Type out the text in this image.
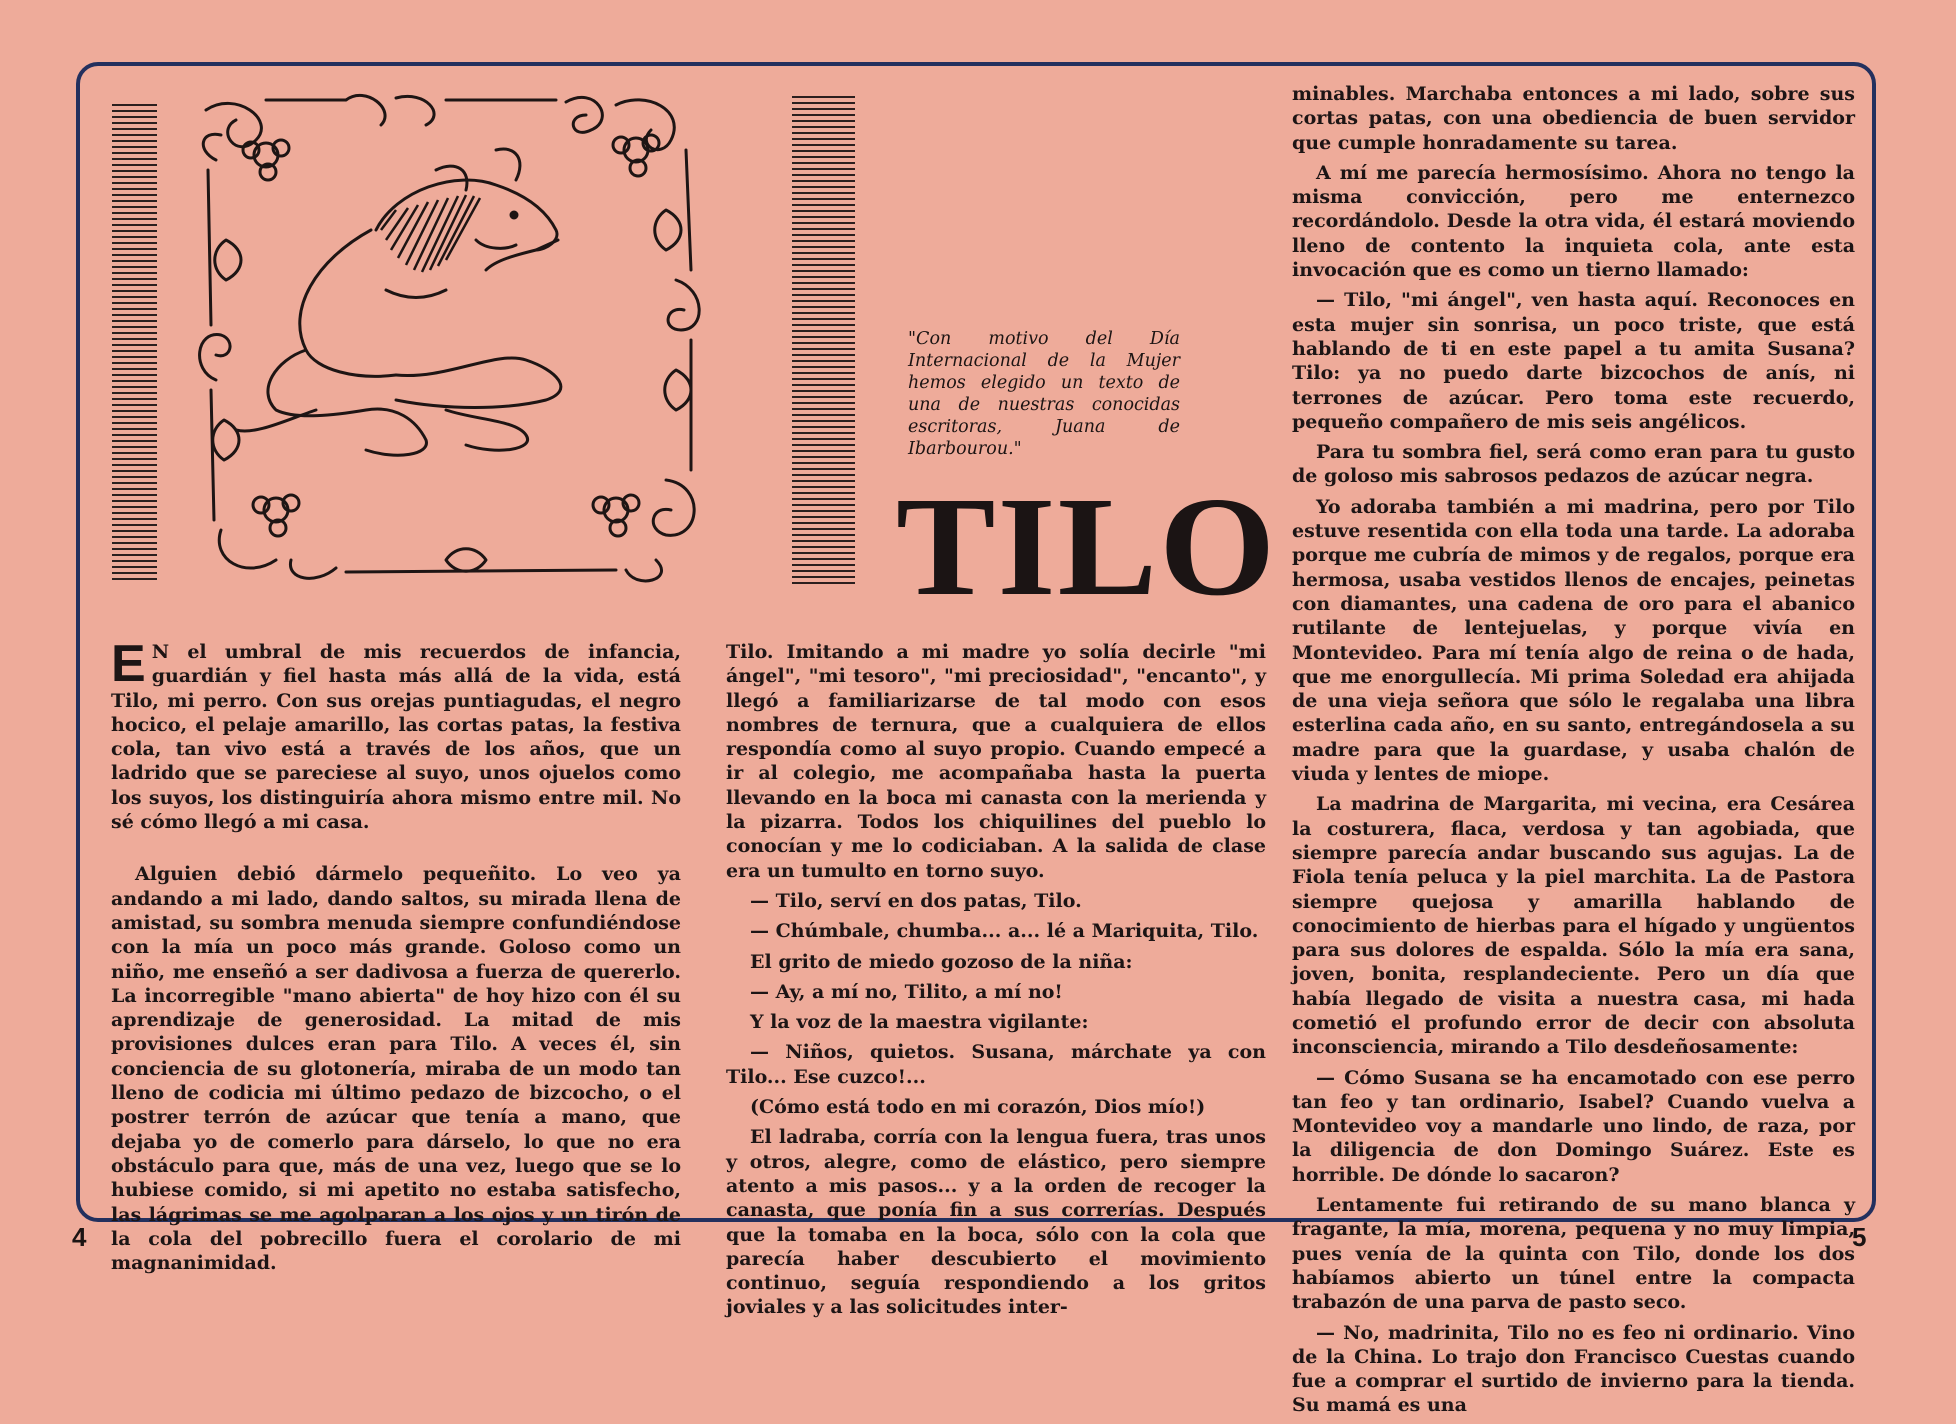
"Con motivo del Día Internacional de la Mujer hemos elegido un texto de una de nuestras conocidas escritoras, Juana de Ibarbourou."
TILO

E N el umbral de mis recuerdos de infancia, guardián y fiel hasta más allá de la vida, está Tilo, mi perro. Con sus orejas puntiagudas, el negro hocico, el pelaje amarillo, las cortas patas, la festiva cola, tan vivo está a través de los años, que un ladrido que se pareciese al suyo, unos ojuelos como los suyos, los distinguiría ahora mismo entre mil. No sé cómo llegó a mi casa.

Alguien debió dármelo pequeñito. Lo veo ya andando a mi lado, dando saltos, su mirada llena de amistad, su sombra menuda siempre confundiéndose con la mía un poco más grande. Goloso como un niño, me enseñó a ser dadivosa a fuerza de quererlo. La incorregible "mano abierta" de hoy hizo con él su aprendizaje de generosidad. La mitad de mis provisiones dulces eran para Tilo. A veces él, sin conciencia de su glotonería, miraba de un modo tan lleno de codicia mi último pedazo de bizcocho, o el postrer terrón de azúcar que tenía a mano, que dejaba yo de comerlo para dárselo, lo que no era obstáculo para que, más de una vez, luego que se lo hubiese comido, si mi apetito no estaba satisfecho, las lágrimas se me agolparan a los ojos y un tirón de la cola del pobrecillo fuera el corolario de mi magnanimidad.

Tilo. Imitando a mi madre yo solía decirle "mi ángel", "mi tesoro", "mi preciosidad", "encanto", y llegó a familiarizarse de tal modo con esos nombres de ternura, que a cualquiera de ellos respondía como al suyo propio. Cuando empecé a ir al colegio, me acompañaba hasta la puerta llevando en la boca mi canasta con la merienda y la pizarra. Todos los chiquilines del pueblo lo conocían y me lo codiciaban. A la salida de clase era un tumulto en torno suyo.

— Tilo, serví en dos patas, Tilo.

— Chúmbale, chumba... a... lé a Mariquita, Tilo.

El grito de miedo gozoso de la niña:

— Ay, a mí no, Tilito, a mí no!

Y la voz de la maestra vigilante:

— Niños, quietos. Susana, márchate ya con Tilo... Ese cuzco!...

(Cómo está todo en mi corazón, Dios mío!)

El ladraba, corría con la lengua fuera, tras unos y otros, alegre, como de elástico, pero siempre atento a mis pasos... y a la orden de recoger la canasta, que ponía fin a sus correrías. Después que la tomaba en la boca, sólo con la cola que parecía haber descubierto el movimiento continuo, seguía respondiendo a los gritos joviales y a las solicitudes inter-

minables. Marchaba entonces a mi lado, sobre sus cortas patas, con una obediencia de buen servidor que cumple honradamente su tarea.

A mí me parecía hermosísimo. Ahora no tengo la misma convicción, pero me enternezco recordándolo. Desde la otra vida, él estará moviendo lleno de contento la inquieta cola, ante esta invocación que es como un tierno llamado:

— Tilo, "mi ángel", ven hasta aquí. Reconoces en esta mujer sin sonrisa, un poco triste, que está hablando de ti en este papel a tu amita Susana? Tilo: ya no puedo darte bizcochos de anís, ni terrones de azúcar. Pero toma este recuerdo, pequeño compañero de mis seis angélicos.

Para tu sombra fiel, será como eran para tu gusto de goloso mis sabrosos pedazos de azúcar negra.

Yo adoraba también a mi madrina, pero por Tilo estuve resentida con ella toda una tarde. La adoraba porque me cubría de mimos y de regalos, porque era hermosa, usaba vestidos llenos de encajes, peinetas con diamantes, una cadena de oro para el abanico rutilante de lentejuelas, y porque vivía en Montevideo. Para mí tenía algo de reina o de hada, que me enorgullecía. Mi prima Soledad era ahijada de una vieja señora que sólo le regalaba una libra esterlina cada año, en su santo, entregándosela a su madre para que la guardase, y usaba chalón de viuda y lentes de miope.

La madrina de Margarita, mi vecina, era Cesárea la costurera, flaca, verdosa y tan agobiada, que siempre parecía andar buscando sus agujas. La de Fiola tenía peluca y la piel marchita. La de Pastora siempre quejosa y amarilla hablando de conocimiento de hierbas para el hígado y ungüentos para sus dolores de espalda. Sólo la mía era sana, joven, bonita, resplandeciente. Pero un día que había llegado de visita a nuestra casa, mi hada cometió el profundo error de decir con absoluta inconsciencia, mirando a Tilo desdeñosamente:

— Cómo Susana se ha encamotado con ese perro tan feo y tan ordinario, Isabel? Cuando vuelva a Montevideo voy a mandarle uno lindo, de raza, por la diligencia de don Domingo Suárez. Este es horrible. De dónde lo sacaron?

Lentamente fui retirando de su mano blanca y fragante, la mía, morena, pequena y no muy limpia, pues venía de la quinta con Tilo, donde los dos habíamos abierto un túnel entre la compacta trabazón de una parva de pasto seco.

— No, madrinita, Tilo no es feo ni ordinario. Vino de la China. Lo trajo don Francisco Cuestas cuando fue a comprar el surtido de invierno para la tienda. Su mamá es una

4	5
